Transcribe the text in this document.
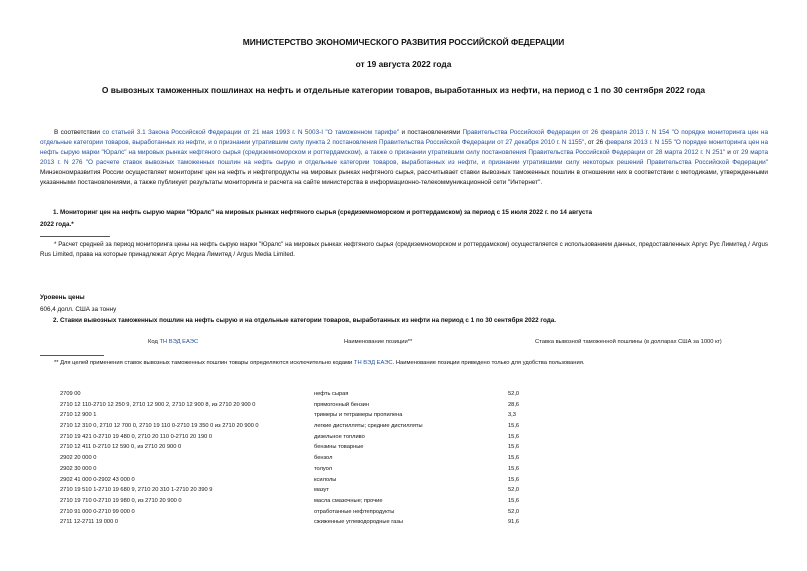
МИНИСТЕРСТВО ЭКОНОМИЧЕСКОГО РАЗВИТИЯ РОССИЙСКОЙ ФЕДЕРАЦИИ
от 19 августа 2022 года
О вывозных таможенных пошлинах на нефть и отдельные категории товаров, выработанных из нефти, на период с 1 по 30 сентября 2022 года
В соответствии со статьей 3.1 Закона Российской Федерации от 21 мая 1993 г. N 5003-I "О таможенном тарифе" и постановлениями Правительства Российской Федерации от 26 февраля 2013 г. N 154 "О порядке мониторинга цен на отдельные категории товаров, выработанных из нефти, и о признании утратившим силу пункта 2 постановления Правительства Российской Федерации от 27 декабря 2010 г. N 1155", от 26 февраля 2013 г. N 155 "О порядке мониторинга цен на нефть сырую марки "Юралс" на мировых рынках нефтяного сырья (средиземноморском и роттердамском), а также о признании утратившим силу постановления Правительства Российской Федерации от 28 марта 2012 г. N 251" и от 29 марта 2013 г. N 276 "О расчете ставок вывозных таможенных пошлин на нефть сырую и отдельные категории товаров, выработанных из нефти, и признании утратившими силу некоторых решений Правительства Российской Федерации" Минэкономразвития России осуществляет мониторинг цен на нефть и нефтепродукты на мировых рынках нефтяного сырья, рассчитывает ставки вывозных таможенных пошлин в отношении них в соответствии с методиками, утвержденными указанными постановлениями, а также публикует результаты мониторинга и расчета на сайте министерства в информационно-телекоммуникационной сети "Интернет".
1. Мониторинг цен на нефть сырую марки "Юралс" на мировых рынках нефтяного сырья (средиземноморском и роттердамском) за период с 15 июля 2022 г. по 14 августа
2022 года.*
* Расчет средней за период мониторинга цены на нефть сырую марки "Юралс" на мировых рынках нефтяного сырья (средиземноморском и роттердамском) осуществляется с использованием данных, предоставленных Аргус Рус Лимитед / Argus Rus Limited, права на которые принадлежат Аргус Медиа Лимитед / Argus Media Limited.
Уровень цены
606,4 долл. США за тонну
2. Ставки вывозных таможенных пошлин на нефть сырую и на отдельные категории товаров, выработанных из нефти на период с 1 по 30 сентября 2022 года.
Код ТН ВЭД ЕАЭС	Наименование позиции**	Ставка вывозной таможенной пошлины (в долларах США за 1000 кг)
** Для целей применения ставок вывозных таможенных пошлин товары определяются исключительно кодами ТН ВЭД ЕАЭС. Наименование позиции приведено только для удобства пользования.
2709 00	нефть сырая	52,0
2710 12 110-2710 12 250 9, 2710 12 900 2, 2710 12 900 8, из 2710 20 900 0	прямогонный бензин	28,6
2710 12 900 1	тримеры и тетрамеры пропилена	3,3
2710 12 310 0, 2710 12 700 0, 2710 19 110 0-2710 19 350 0 из 2710 20 900 0	легкие дистилляты; средние дистилляты	15,6
2710 19 421 0-2710 19 480 0, 2710 20 110 0-2710 20 190 0	дизельное топливо	15,6
2710 12 411 0-2710 12 590 0, из 2710 20 900 0	бензины товарные	15,6
2902 20 000 0	бензол	15,6
2902 30 000 0	толуол	15,6
2902 41 000 0-2902 43 000 0	ксилолы	15,6
2710 19 510 1-2710 19 680 9, 2710 20 310 1-2710 20 390 9	мазут	52,0
2710 19 710 0-2710 19 980 0, из 2710 20 900 0	масла смазочные; прочие	15,6
2710 91 000 0-2710 99 000 0	отработанные нефтепродукты	52,0
2711 12-2711 19 000 0	сжиженные углеводородные газы	91,6
